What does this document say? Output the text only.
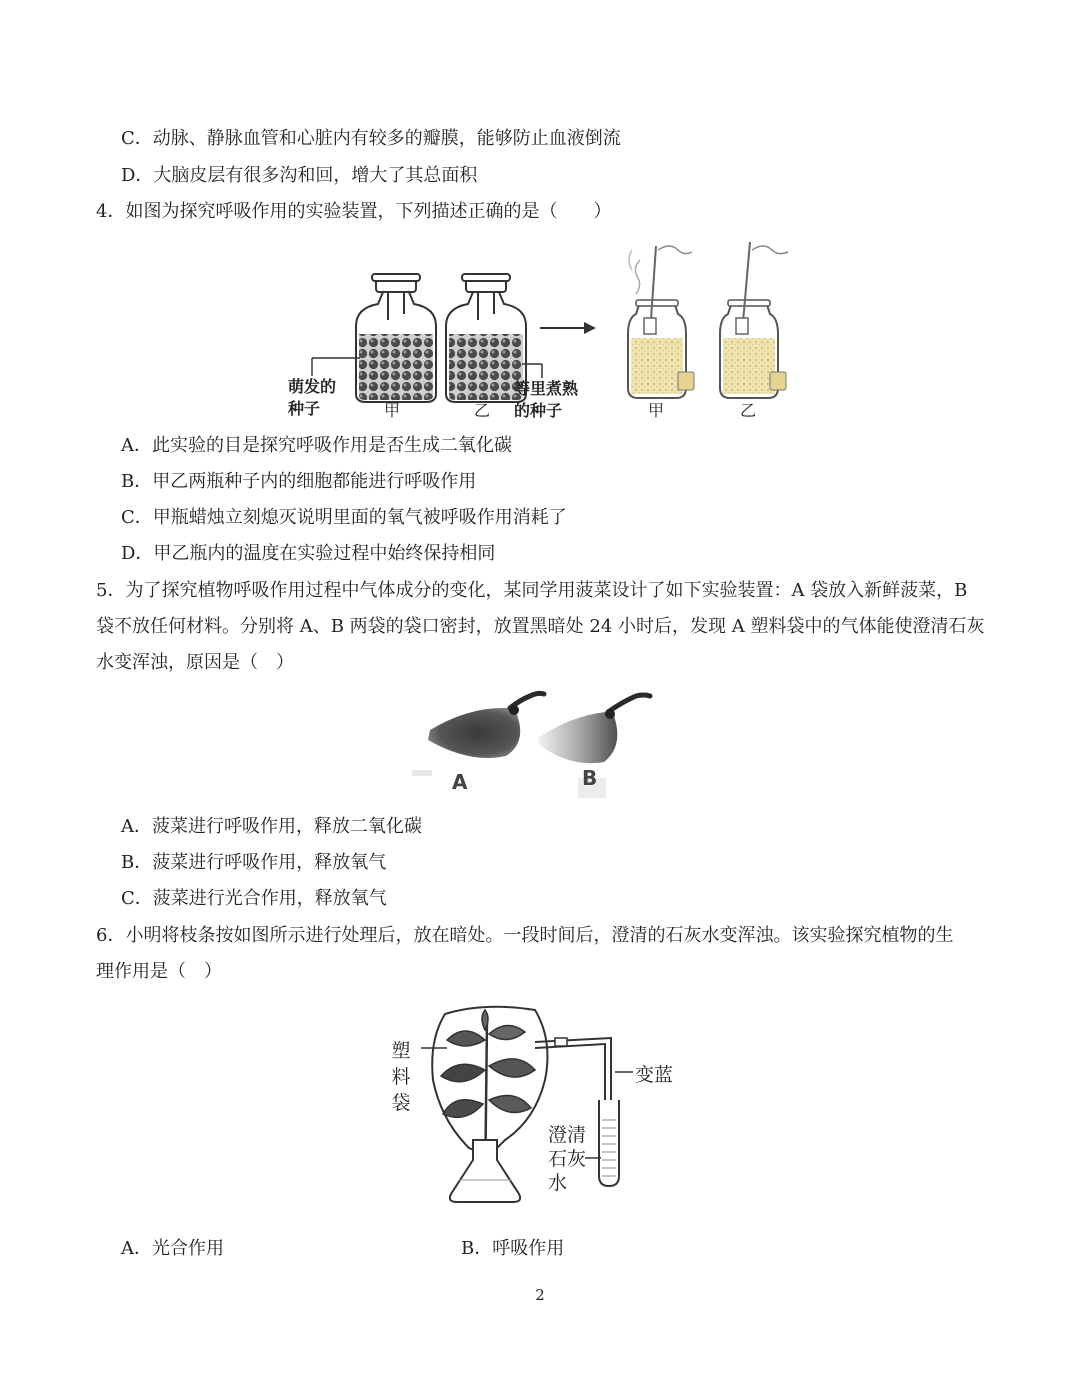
C．动脉、静脉血管和心脏内有较多的瓣膜，能够防止血液倒流
D．大脑皮层有很多沟和回，增大了其总面积
4．如图为探究呼吸作用的实验装置，下列描述正确的是（　　）
萌发的
种子	甲	乙
等里煮熟
的种子	甲	乙
A．此实验的目是探究呼吸作用是否生成二氧化碳
B．甲乙两瓶种子内的细胞都能进行呼吸作用
C．甲瓶蜡烛立刻熄灭说明里面的氧气被呼吸作用消耗了
D．甲乙瓶内的温度在实验过程中始终保持相同
5．为了探究植物呼吸作用过程中气体成分的变化，某同学用菠菜设计了如下实验装置：A 袋放入新鲜菠菜，B
袋不放任何材料。分别将 A、B 两袋的袋口密封，放置黑暗处 24 小时后，发现 A 塑料袋中的气体能使澄清石灰
水变浑浊，原因是（　）
A	B
A．菠菜进行呼吸作用，释放二氧化碳
B．菠菜进行呼吸作用，释放氧气
C．菠菜进行光合作用，释放氧气
6．小明将枝条按如图所示进行处理后，放在暗处。一段时间后，澄清的石灰水变浑浊。该实验探究植物的生
理作用是（　）
塑
料
袋
变蓝
澄清
石灰
水
A．光合作用	B．呼吸作用
2
